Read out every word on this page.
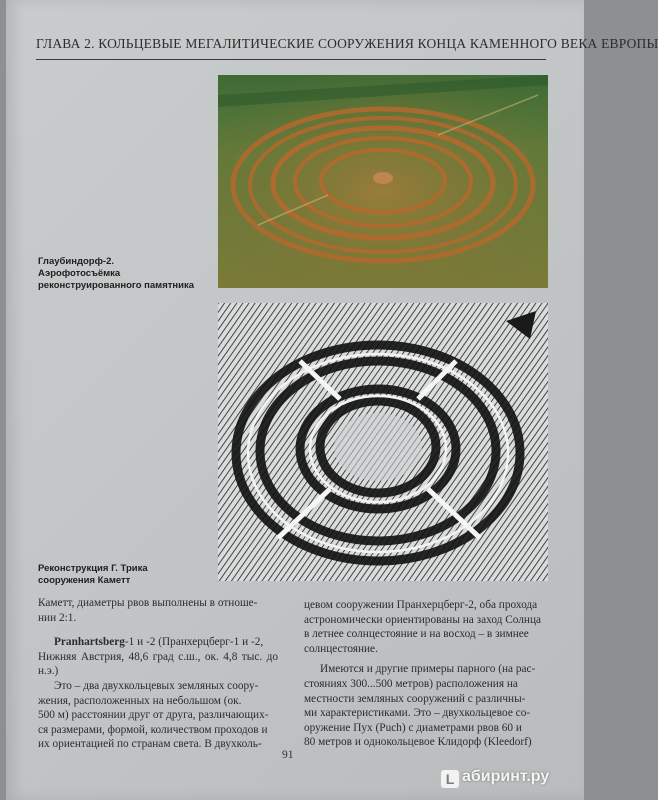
ГЛАВА 2. КОЛЬЦЕВЫЕ МЕГАЛИТИЧЕСКИЕ СООРУЖЕНИЯ КОНЦА КАМЕННОГО ВЕКА ЕВРОПЫ
Глаубиндорф-2.
Аэрофотосъёмка
реконструированного памятника
Реконструкция Г. Трика
сооружения Каметт

Каметт, диаметры рвов выполнены в отноше-

нии 2:1.

Pranhartsberg-1 и -2 (Пранхерцберг-1 и -2,

Нижняя Австрия, 48,6 град с.ш., ок. 4,8 тыс. до н.э.)

Это – два двухкольцевых земляных соору-

жения, расположенных на небольшом (ок.

500 м) расстоянии друг от друга, различающих-

ся размерами, формой, количеством проходов и

их ориентацией по странам света. В двухколь-

цевом сооружении Пранхерцберг-2, оба прохода

астрономически ориентированы на заход Солнца

в летнее солнцестояние и на восход – в зимнее

солнцестояние.

Имеются и другие примеры парного (на рас-

стояниях 300...500 метров) расположения на

местности земляных сооружений с различны-

ми характеристиками. Это – двухкольцевое со-

оружение Пух (Puch) с диаметрами рвов 60 и

80 метров и однокольцевое Клидорф (Kleedorf)

91
L абиринт.ру
